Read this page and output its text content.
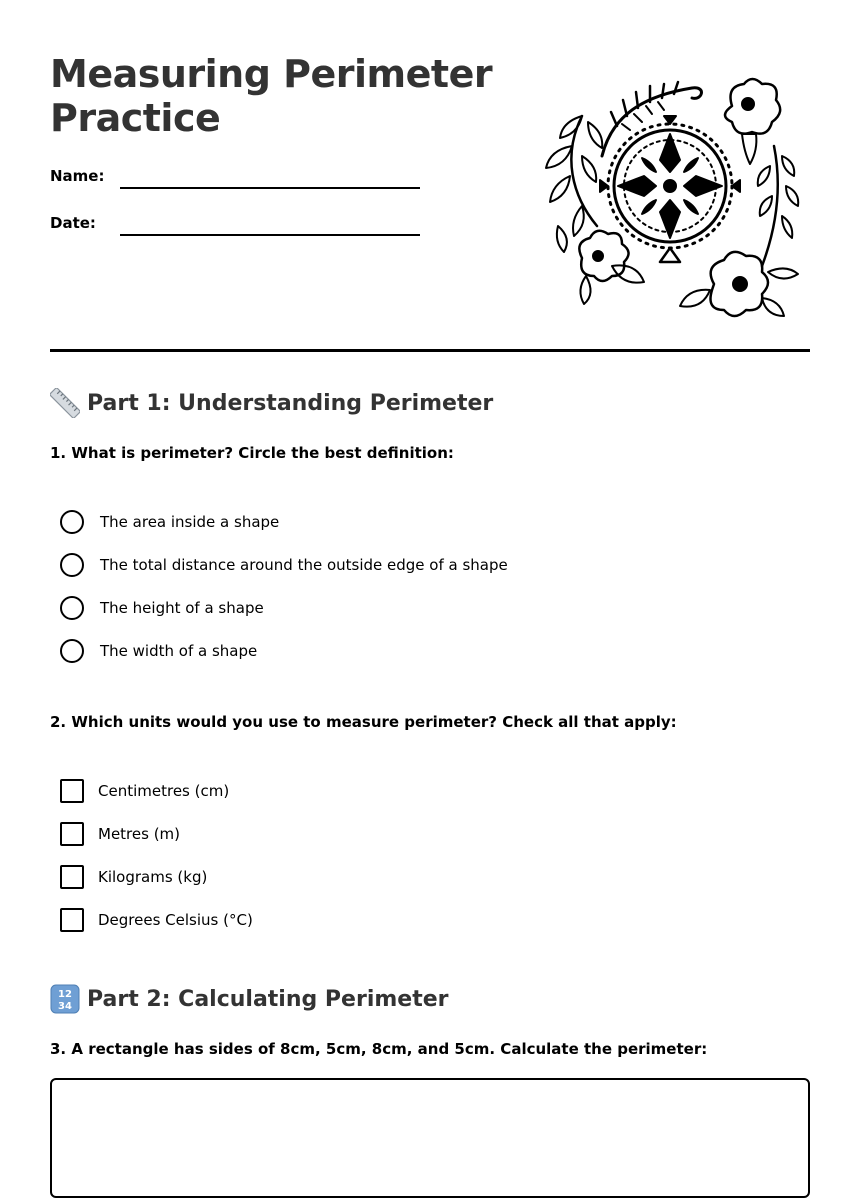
Measuring Perimeter
Practice
Name:
Date:
Part 1: Understanding Perimeter

1. What is perimeter? Circle the best definition:

The area inside a shape
The total distance around the outside edge of a shape
The height of a shape
The width of a shape

2. Which units would you use to measure perimeter? Check all that apply:

Centimetres (cm)
Metres (m)
Kilograms (kg)
Degrees Celsius (°C)
12
34 Part 2: Calculating Perimeter

3. A rectangle has sides of 8cm, 5cm, 8cm, and 5cm. Calculate the perimeter:
